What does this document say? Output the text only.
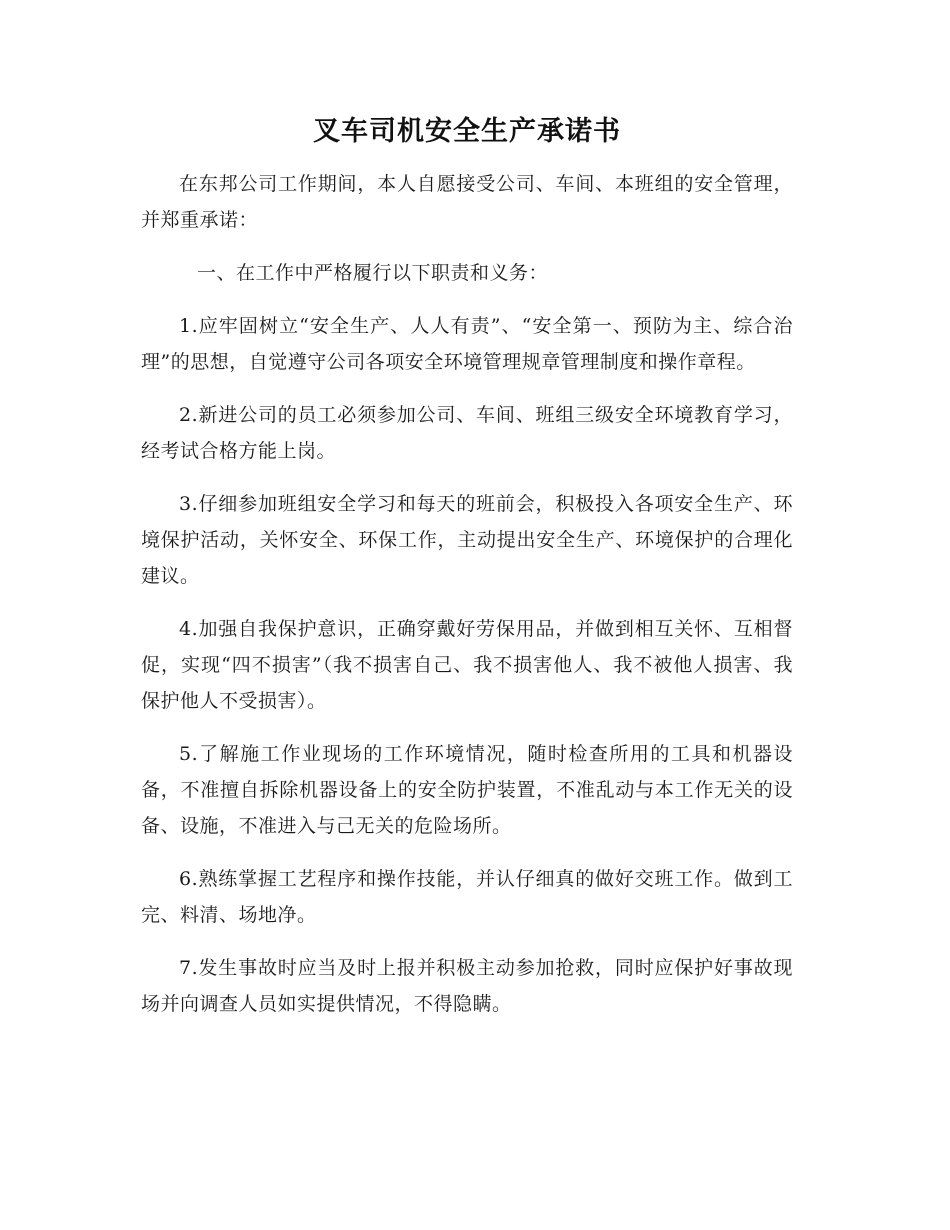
叉车司机安全生产承诺书

在东邦公司工作期间，本人自愿接受公司、车间、本班组的安全管理，并郑重承诺：

一、在工作中严格履行以下职责和义务：

1.应牢固树立“安全生产、人人有责”、“安全第一、预防为主、综合治理”的思想，自觉遵守公司各项安全环境管理规章管理制度和操作章程。

2.新进公司的员工必须参加公司、车间、班组三级安全环境教育学习，经考试合格方能上岗。

3.仔细参加班组安全学习和每天的班前会，积极投入各项安全生产、环境保护活动，关怀安全、环保工作，主动提出安全生产、环境保护的合理化建议。

4.加强自我保护意识，正确穿戴好劳保用品，并做到相互关怀、互相督促，实现“四不损害”（我不损害自己、我不损害他人、我不被他人损害、我保护他人不受损害）。

5.了解施工作业现场的工作环境情况，随时检查所用的工具和机器设备，不准擅自拆除机器设备上的安全防护装置，不准乱动与本工作无关的设备、设施，不准进入与己无关的危险场所。

6.熟练掌握工艺程序和操作技能，并认仔细真的做好交班工作。做到工完、料清、场地净。

7.发生事故时应当及时上报并积极主动参加抢救，同时应保护好事故现场并向调查人员如实提供情况，不得隐瞒。
